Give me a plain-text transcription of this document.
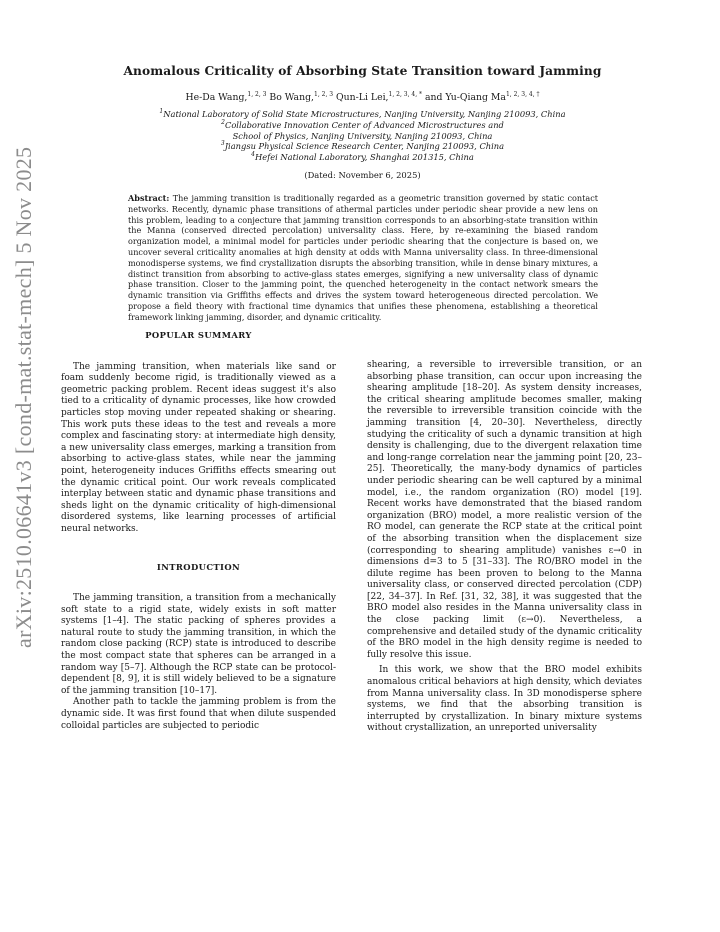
arXiv:2510.06641v3 [cond-mat.stat-mech] 5 Nov 2025
Anomalous Criticality of Absorbing State Transition toward Jamming
He-Da Wang,$^{1, 2, 3}$ Bo Wang,$^{1, 2, 3}$ Qun-Li Lei,$^{1, 2, 3, 4, *}$ and Yu-Qiang $Ma^{1, 2, 3, 4, \dagger}$
$^1$National Laboratory of Solid State Microstructures, Nanjing University, Nanjing 210093, China
$^2$Collaborative Innovation Center of Advanced Microstructures and
School of Physics, Nanjing University, Nanjing 210093, China
$^3$Jiangsu Physical Science Research Center, Nanjing 210093, China
$^4$Hefei National Laboratory, Shanghai 201315, China
(Dated: November 6, 2025)
Abstract: The jamming transition is traditionally regarded as a geometric transition governed by static contact networks. Recently, dynamic phase transitions of athermal particles under periodic shear provide a new lens on this problem, leading to a conjecture that jamming transition corresponds to an absorbing-state transition within the Manna (conserved directed percolation) universality class. Here, by re-examining the biased random organization model, a minimal model for particles under periodic shearing that the conjecture is based on, we uncover several criticality anomalies at high density at odds with Manna universality class. In three-dimensional monodisperse systems, we find crystallization disrupts the absorbing transition, while in dense binary mixtures, a distinct transition from absorbing to active-glass states emerges, signifying a new universality class of dynamic phase transition. Closer to the jamming point, the quenched heterogeneity in the contact network smears the dynamic transition via Griffiths effects and drives the system toward heterogeneous directed percolation. We propose a field theory with fractional time dynamics that unifies these phenomena, establishing a theoretical framework linking jamming, disorder, and dynamic criticality.
POPULAR SUMMARY

The jamming transition, when materials like sand or foam suddenly become rigid, is traditionally viewed as a geometric packing problem. Recent ideas suggest it's also tied to a criticality of dynamic processes, like how crowded particles stop moving under repeated shaking or shearing. This work puts these ideas to the test and reveals a more complex and fascinating story: at intermediate high density, a new universality class emerges, marking a transition from absorbing to active-glass states, while near the jamming point, heterogeneity induces Griffiths effects smearing out the dynamic critical point. Our work reveals complicated interplay between static and dynamic phase transitions and sheds light on the dynamic criticality of high-dimensional disordered systems, like learning processes of artificial neural networks.

INTRODUCTION

The jamming transition, a transition from a mechanically soft state to a rigid state, widely exists in soft matter systems [1–4]. The static packing of spheres provides a natural route to study the jamming transition, in which the random close packing (RCP) state is introduced to describe the most compact state that spheres can be arranged in a random way [5–7]. Although the RCP state can be protocol-dependent [8, 9], it is still widely believed to be a signature of the jamming transition [10–17].

Another path to tackle the jamming problem is from the dynamic side. It was first found that when dilute suspended colloidal particles are subjected to periodic

shearing, a reversible to irreversible transition, or an absorbing phase transition, can occur upon increasing the shearing amplitude [18–20]. As system density increases, the critical shearing amplitude becomes smaller, making the reversible to irreversible transition coincide with the jamming transition [4, 20–30]. Nevertheless, directly studying the criticality of such a dynamic transition at high density is challenging, due to the divergent relaxation time and long-range correlation near the jamming point [20, 23–25]. Theoretically, the many-body dynamics of particles under periodic shearing can be well captured by a minimal model, i.e., the random organization (RO) model [19]. Recent works have demonstrated that the biased random organization (BRO) model, a more realistic version of the RO model, can generate the RCP state at the critical point of the absorbing transition when the displacement size (corresponding to shearing amplitude) vanishes ε→0 in dimensions d=3 to 5 [31–33]. The RO/BRO model in the dilute regime has been proven to belong to the Manna universality class, or conserved directed percolation (CDP) [22, 34–37]. In Ref. [31, 32, 38], it was suggested that the BRO model also resides in the Manna universality class in the close packing limit (ε→0). Nevertheless, a comprehensive and detailed study of the dynamic criticality of the BRO model in the high density regime is needed to fully resolve this issue.

In this work, we show that the BRO model exhibits anomalous critical behaviors at high density, which deviates from Manna universality class. In 3D monodisperse sphere systems, we find that the absorbing transition is interrupted by crystallization. In binary mixture systems without crystallization, an unreported universality
